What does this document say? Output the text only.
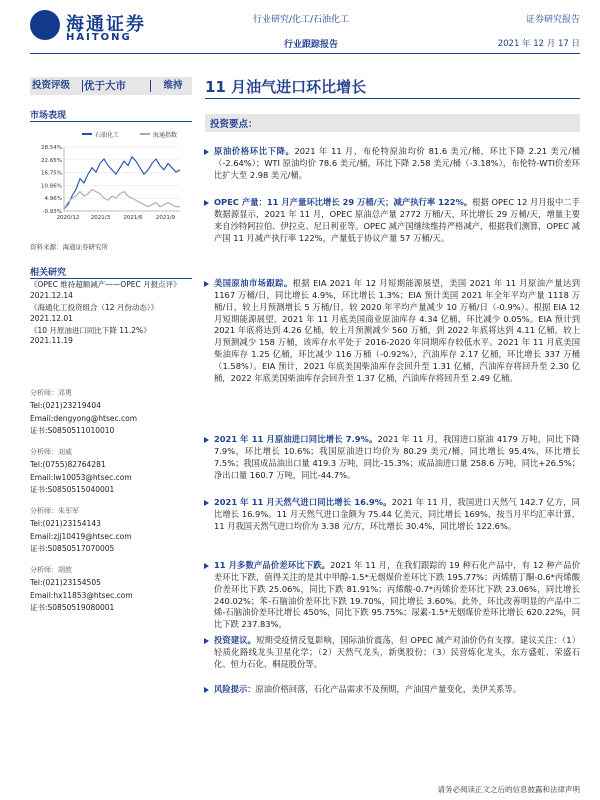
海通证券
HAITONG
行业研究/化工/石油化工
行业跟踪报告
证券研究报告
2021 年 12 月 17 日
投资评级	优于大市	维持	11 月油气进口环比增长
市场表现
石油化工	海通指数
28.54%
22.65%
16.75%
10.86%
4.96%
-0.93%
2020/12 2021/3 2021/6 2021/9
资料来源：海通证券研究所
相关研究

《OPEC 维持超额减产——OPEC 月报点评》2021.12.14

《海通化工投资组合（12 月份动态）》2021.12.01

《10 月原油进口同比下降 11.2%》2021.11.19

分析师：邓勇
Tel:(021)23219404
Email:dengyong@htsec.com
证书:S0850511010010
分析师：刘威
Tel:(0755)82764281
Email:lw10053@htsec.com
证书:S0850515040001
分析师：朱军军
Tel:(021)23154143
Email:zjj10419@htsec.com
证书:S0850517070005
分析师：胡歆
Tel:(021)23154505
Email:hx11853@htsec.com
证书:S0850519080001
投资要点：

原油价格环比下降。2021 年 11 月，布伦特原油均价 81.6 美元/桶，环比下降 2.21 美元/桶（-2.64%）；WTI 原油均价 78.6 美元/桶，环比下降 2.58 美元/桶（-3.18%），布伦特-WTI价差环比扩大至 2.98 美元/桶。

OPEC 产量：11 月产量环比增长 29 万桶/天；减产执行率 122%。根据 OPEC 12 月月报中二手数据源显示，2021 年 11 月，OPEC 原油总产量 2772 万桶/天，环比增长 29 万桶/天，增量主要来自沙特阿拉伯、伊拉克、尼日利亚等。OPEC 减产国继续维持严格减产，根据我们测算，OPEC 减产国 11 月减产执行率 122%，产量低于协议产量 57 万桶/天。

美国原油市场跟踪。根据 EIA 2021 年 12 月短期能源展望，美国 2021 年 11 月原油产量达到 1167 万桶/日，同比增长 4.9%，环比增长 1.3%；EIA 预计美国 2021 年全年平均产量 1118 万桶/日，较上月预测增长 5 万桶/日，较 2020 年平均产量减少 10 万桶/日（-0.9%）。根据 EIA 12 月短期能源展望，2021 年 11 月底美国商业原油库存 4.34 亿桶，环比减少 0.05%。EIA 预计到 2021 年底将达到 4.26 亿桶，较上月预测减少 560 万桶，到 2022 年底将达到 4.11 亿桶，较上月预测减少 158 万桶，该库存水平处于 2016-2020 年同期库存较低水平。2021 年 11 月底美国柴油库存 1.25 亿桶，环比减少 116 万桶（-0.92%），汽油库存 2.17 亿桶，环比增长 337 万桶（1.58%）。EIA 预计，2021 年底美国柴油库存会回升至 1.31 亿桶，汽油库存将回升至 2.30 亿桶，2022 年底美国柴油库存会回升至 1.37 亿桶，汽油库存将回升至 2.49 亿桶。

2021 年 11 月原油进口同比增长 7.9%。2021 年 11 月，我国进口原油 4179 万吨，同比下降 7.9%，环比增长 10.6%；我国原油进口均价为 80.29 美元/桶，同比增长 95.4%，环比增长 7.5%；我国成品油出口量 419.3 万吨，同比-15.3%；成品油进口量 258.6 万吨，同比+26.5%；净出口量 160.7 万吨，同比-44.7%。

2021 年 11 月天然气进口同比增长 16.9%。2021 年 11 月，我国进口天然气 142.7 亿方，同比增长 16.9%。11 月天然气进口金额为 75.44 亿美元，同比增长 169%，按当月平均汇率计算，11 月我国天然气进口均价为 3.38 元/方，环比增长 30.4%，同比增长 122.6%。

11 月多数产品价差环比下跌。2021 年 11 月，在我们跟踪的 19 种石化产品中，有 12 种产品价差环比下跌，值得关注的是其中甲醇-1.5*无烟煤价差环比下跌 195.77%；丙烯腈丁酮-0.6*丙烯酸价差环比下跌 25.06%，同比下跌 81.91%；丙烯酸-0.7*丙烯价差环比下跌 23.06%，同比增长 240.02%；苯-石脑油价差环比下跌 19.70%，同比增长 3.60%。此外，环比改善明显的产品中二烯-石脑油价差环比增长 450%，同比下跌 95.75%；尿素-1.5*无烟煤价差环比增长 620.22%，同比下跌 237.83%。

投资建议。短期受疫情反复影响，国际油价震荡，但 OPEC 减产对油价仍有支撑。建议关注：（1）轻质化路线龙头卫星化学；（2）天然气龙头，新奥股份；（3）民营炼化龙头，东方盛虹、荣盛石化、恒力石化、桐昆股份等。

风险提示：原油价格回落，石化产品需求不及预期，产油国产量变化，美伊关系等。

请务必阅读正文之后的信息披露和法律声明
